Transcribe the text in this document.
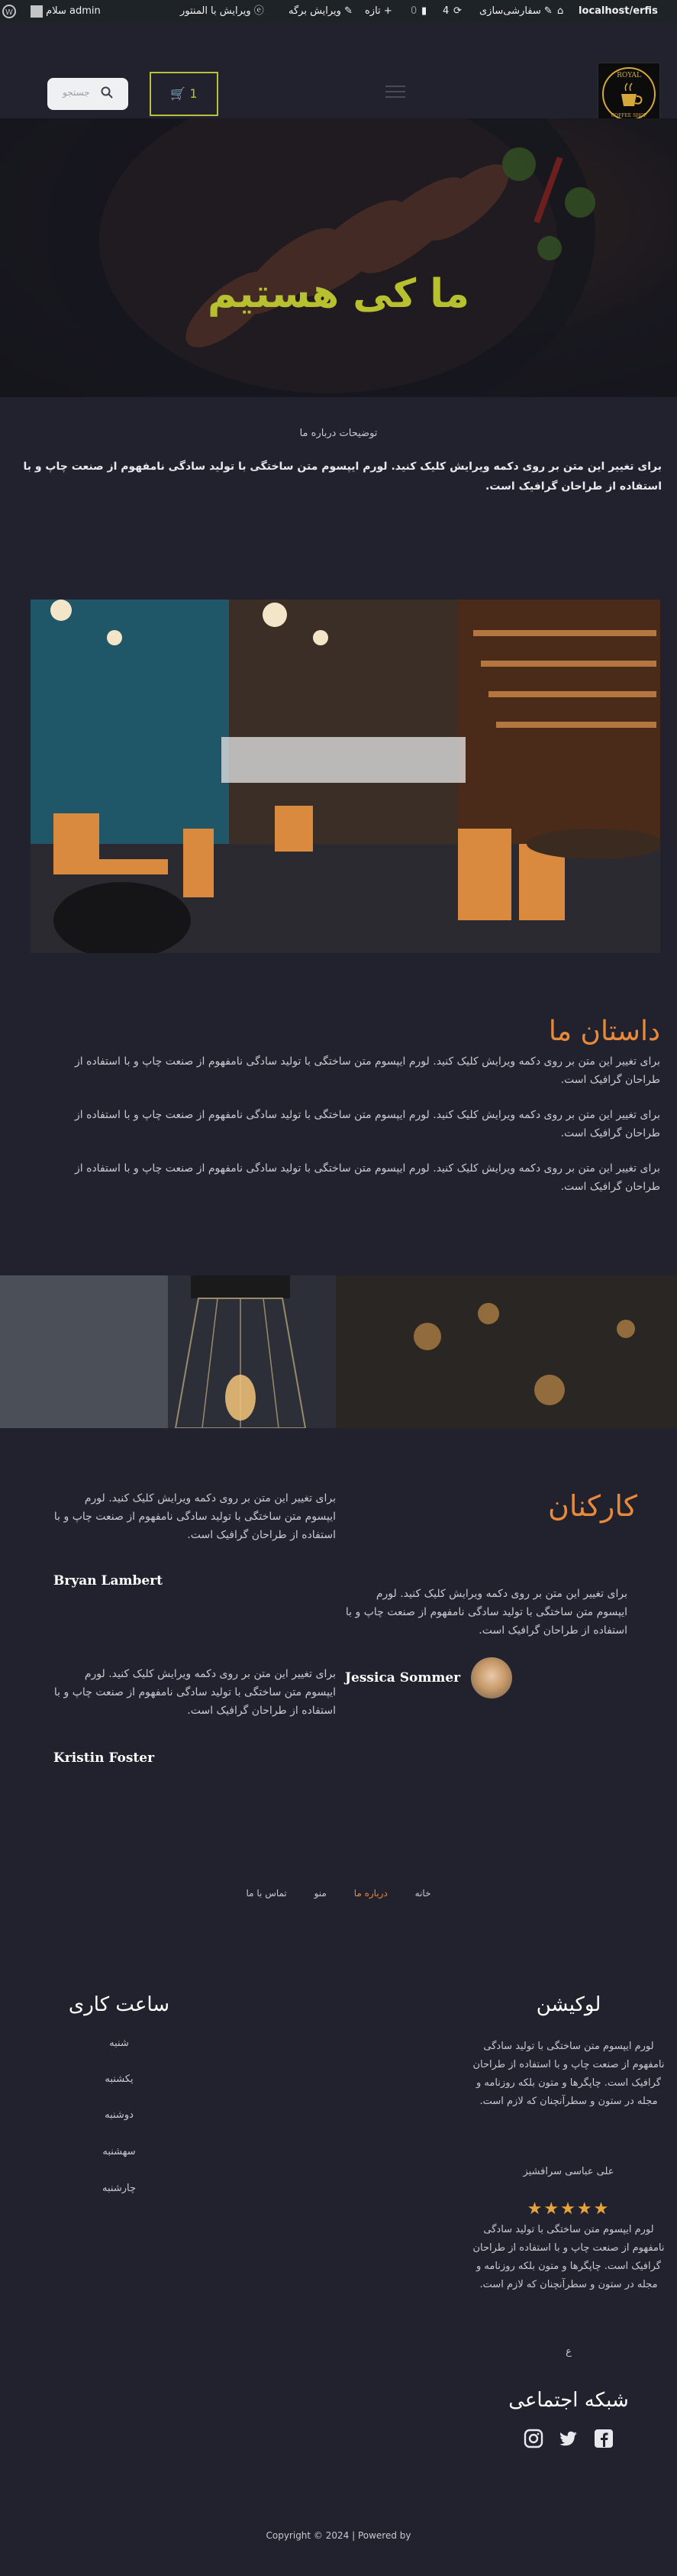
W	localhost/erfis
⌂
سفارشی‌سازی ✎
⟳
4
▮
0
تازه +
ویرایش برگه ✎
ویرایش با المنتور ⓔ
سلام admin
ROYAL
COFFEE SHOP
🛒 1
جستجو
ما کی هستیم
توضیحات درباره ما
برای تغییر این متن بر روی دکمه ویرایش کلیک کنید. لورم ایپسوم متن ساختگی با تولید سادگی نامفهوم از صنعت چاپ و با استفاده از طراحان گرافیک است.
داستان ما
برای تغییر این متن بر روی دکمه ویرایش کلیک کنید. لورم ایپسوم متن ساختگی با تولید سادگی نامفهوم از صنعت چاپ و با استفاده از طراحان گرافیک است.
برای تغییر این متن بر روی دکمه ویرایش کلیک کنید. لورم ایپسوم متن ساختگی با تولید سادگی نامفهوم از صنعت چاپ و با استفاده از طراحان گرافیک است.
برای تغییر این متن بر روی دکمه ویرایش کلیک کنید. لورم ایپسوم متن ساختگی با تولید سادگی نامفهوم از صنعت چاپ و با استفاده از طراحان گرافیک است.
کارکنان
برای تغییر این متن بر روی دکمه ویرایش کلیک کنید. لورم ایپسوم متن ساختگی با تولید سادگی نامفهوم از صنعت چاپ و با استفاده از طراحان گرافیک است.
Bryan Lambert
برای تغییر این متن بر روی دکمه ویرایش کلیک کنید. لورم ایپسوم متن ساختگی با تولید سادگی نامفهوم از صنعت چاپ و با استفاده از طراحان گرافیک است.
Jessica Sommer
برای تغییر این متن بر روی دکمه ویرایش کلیک کنید. لورم ایپسوم متن ساختگی با تولید سادگی نامفهوم از صنعت چاپ و با استفاده از طراحان گرافیک است.
Kristin Foster
خانه درباره ما منو تماس با ما
لوکیشن
لورم ایپسوم متن ساختگی با تولید سادگی نامفهوم از صنعت چاپ و با استفاده از طراحان گرافیک است. چاپگرها و متون بلکه روزنامه و مجله در ستون و سطرآنچنان که لازم است.
علی عباسی سرافشیز
★★★★★
لورم ایپسوم متن ساختگی با تولید سادگی نامفهوم از صنعت چاپ و با استفاده از طراحان گرافیک است. چاپگرها و متون بلکه روزنامه و مجله در ستون و سطرآنچنان که لازم است.
ع
ساعت کاری
شنبه
یکشنبه
دوشنبه
سهشنبه
چارشنبه
شبکه اجتماعی
Copyright © 2024 | Powered by
